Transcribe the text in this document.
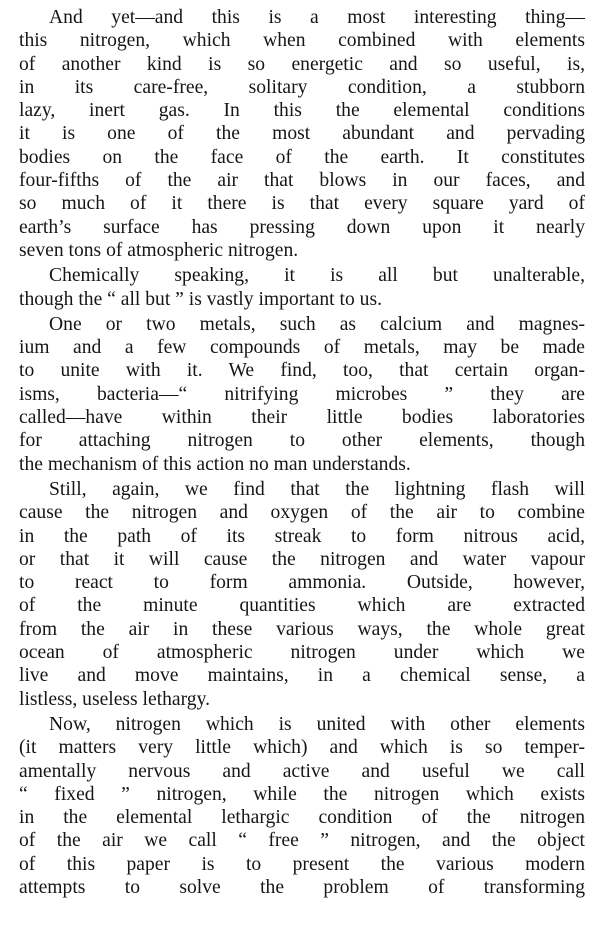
And yet—and this is a most interesting thing—
this nitrogen, which when combined with elements
of another kind is so energetic and so useful, is,
in its care-free, solitary condition, a stubborn
lazy, inert gas. In this the elemental conditions
it is one of the most abundant and pervading
bodies on the face of the earth. It constitutes
four-fifths of the air that blows in our faces, and
so much of it there is that every square yard of
earth’s surface has pressing down upon it nearly
seven tons of atmospheric nitrogen.

Chemically speaking, it is all but unalterable,
though the “ all but ” is vastly important to us.

One or two metals, such as calcium and magnes-
ium and a few compounds of metals, may be made
to unite with it. We find, too, that certain organ-
isms, bacteria—“ nitrifying microbes ” they are
called—have within their little bodies laboratories
for attaching nitrogen to other elements, though
the mechanism of this action no man understands.

Still, again, we find that the lightning flash will
cause the nitrogen and oxygen of the air to combine
in the path of its streak to form nitrous acid,
or that it will cause the nitrogen and water vapour
to react to form ammonia. Outside, however,
of the minute quantities which are extracted
from the air in these various ways, the whole great
ocean of atmospheric nitrogen under which we
live and move maintains, in a chemical sense, a
listless, useless lethargy.

Now, nitrogen which is united with other elements
(it matters very little which) and which is so temper-
amentally nervous and active and useful we call
“ fixed ” nitrogen, while the nitrogen which exists
in the elemental lethargic condition of the nitrogen
of the air we call “ free ” nitrogen, and the object
of this paper is to present the various modern
attempts to solve the problem of transforming
